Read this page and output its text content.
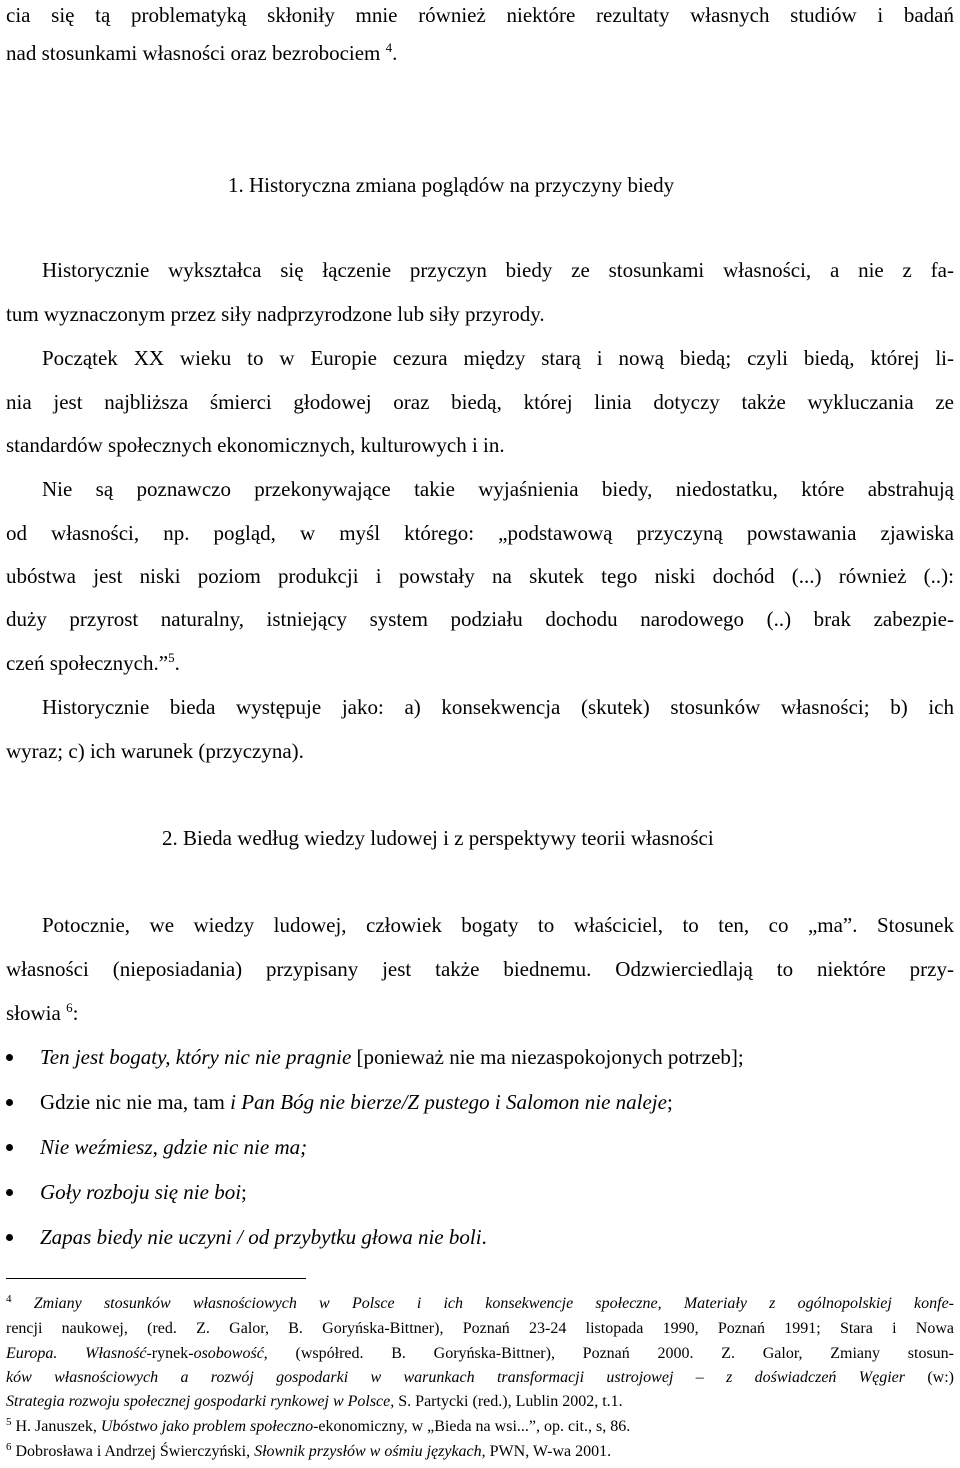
cia się tą problematyką skłoniły mnie również niektóre rezultaty własnych studiów i badań
nad stosunkami własności oraz bezrobociem $^4$.
1. Historyczna zmiana poglądów na przyczyny biedy
Historycznie wykształca się łączenie przyczyn biedy ze stosunkami własności, a nie z fa-
tum wyznaczonym przez siły nadprzyrodzone lub siły przyrody.
Początek XX wieku to w Europie cezura między starą i nową biedą; czyli biedą, której li-
nia jest najbliższa śmierci głodowej oraz biedą, której linia dotyczy także wykluczania ze
standardów społecznych ekonomicznych, kulturowych i in.
Nie są poznawczo przekonywające takie wyjaśnienia biedy, niedostatku, które abstrahują
od własności, np. pogląd, w myśl którego: „podstawową przyczyną powstawania zjawiska
ubóstwa jest niski poziom produkcji i powstały na skutek tego niski dochód (...) również (..):
duży przyrost naturalny, istniejący system podziału dochodu narodowego (..) brak zabezpie-
czeń społecznych.”$^5$.
Historycznie bieda występuje jako: a) konsekwencja (skutek) stosunków własności; b) ich
wyraz; c) ich warunek (przyczyna).
2. Bieda według wiedzy ludowej i z perspektywy teorii własności
Potocznie, we wiedzy ludowej, człowiek bogaty to właściciel, to ten, co „ma”. Stosunek
własności (nieposiadania) przypisany jest także biednemu. Odzwierciedlają to niektóre przy-
słowia $^6$:
Ten jest bogaty, który nic nie pragnie [ponieważ nie ma niezaspokojonych potrzeb];
Gdzie nic nie ma, tam i Pan Bóg nie bierze/Z pustego i Salomon nie naleje;
Nie weźmiesz, gdzie nic nie ma;
Goły rozboju się nie boi;
Zapas biedy nie uczyni / od przybytku głowa nie boli.
$^4$ Zmiany stosunków własnościowych w Polsce i ich konsekwencje społeczne, Materiały z ogólnopolskiej konfe-
rencji naukowej, (red. Z. Galor, B. Goryńska-Bittner), Poznań 23-24 listopada 1990, Poznań 1991; Stara i Nowa
Europa. Własność-rynek-osobowość, (współred. B. Goryńska-Bittner), Poznań 2000. Z. Galor, Zmiany stosun-
ków własnościowych a rozwój gospodarki w warunkach transformacji ustrojowej – z doświadczeń Węgier (w:)
Strategia rozwoju społecznej gospodarki rynkowej w Polsce, S. Partycki (red.), Lublin 2002, t.1.
$^5$ H. Januszek, Ubóstwo jako problem społeczno-ekonomiczny, w „Bieda na wsi...”, op. cit., s, 86.
$^6$ Dobrosława i Andrzej Świerczyński, Słownik przysłów w ośmiu językach, PWN, W-wa 2001.
